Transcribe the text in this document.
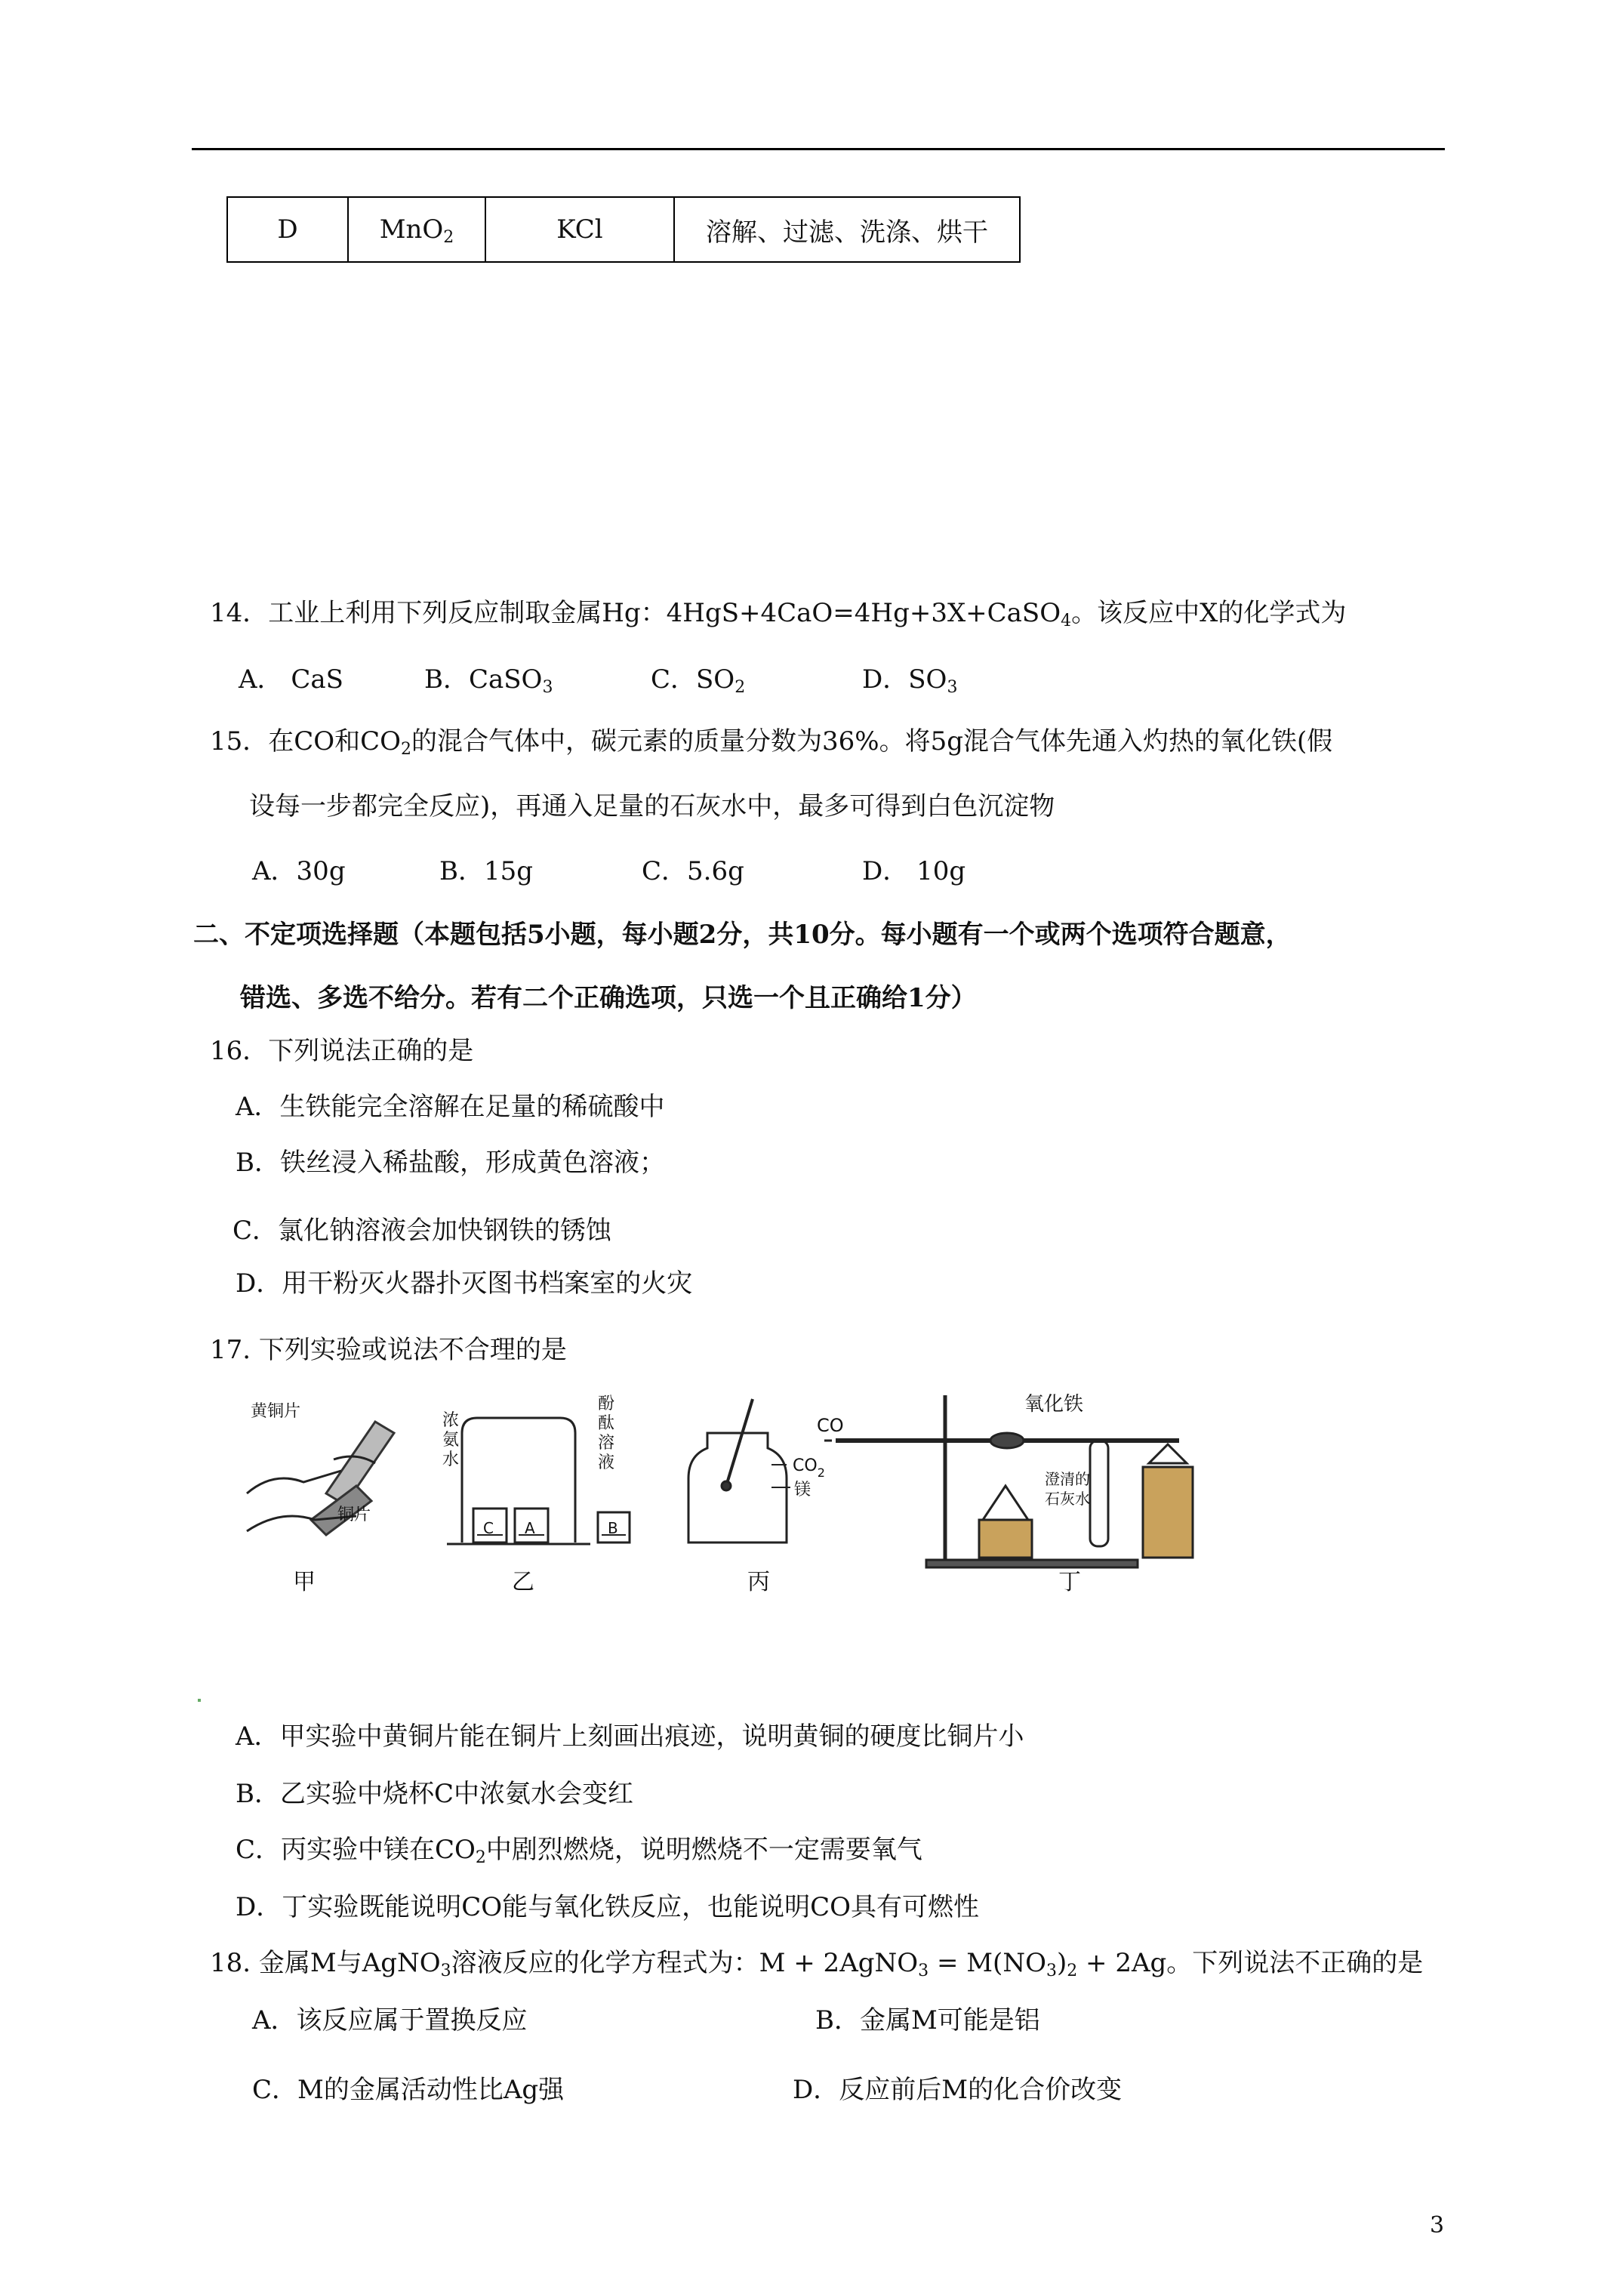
D	MnO$_2$	KCl	溶解、过滤、洗涤、烘干
14．工业上利用下列反应制取金属Hg：4HgS+4CaO=4Hg+3X+CaSO$_4$。该反应中X的化学式为
A． CaS	B．CaSO$_3$	C．$SO_2$	D．$SO_3$
15．在CO和$CO_2$的混合气体中，碳元素的质量分数为36%。将5g混合气体先通入灼热的氧化铁(假
设每一步都完全反应)，再通入足量的石灰水中，最多可得到白色沉淀物
A．30g	B．15g	C．5.6g	D． 10g
二、不定项选择题（本题包括5小题，每小题2分，共10分。每小题有一个或两个选项符合题意，
错选、多选不给分。若有二个正确选项，只选一个且正确给1分）
16．下列说法正确的是
A．生铁能完全溶解在足量的稀硫酸中
B．铁丝浸入稀盐酸，形成黄色溶液；
C．氯化钠溶液会加快钢铁的锈蚀
D．用干粉灭火器扑灭图书档案室的火灾
17. 下列实验或说法不合理的是
黄铜片
铜片
浓
氨
水
酚
酞
溶
液
C A	B
$CO_2$
镁
CO
氧化铁
澄清的
石灰水
甲	乙	丙	丁
A．甲实验中黄铜片能在铜片上刻画出痕迹，说明黄铜的硬度比铜片小
B．乙实验中烧杯C中浓氨水会变红
C．丙实验中镁在$CO_2$中剧烈燃烧，说明燃烧不一定需要氧气
D．丁实验既能说明CO能与氧化铁反应，也能说明CO具有可燃性
18. 金属M与AgNO$_3$溶液反应的化学方程式为：M + 2AgNO$_3$ = $M(NO_3)_2 + 2Ag$。下列说法不正确的是
A．该反应属于置换反应	B．金属M可能是铝
C．M的金属活动性比Ag强	D．反应前后M的化合价改变
3
